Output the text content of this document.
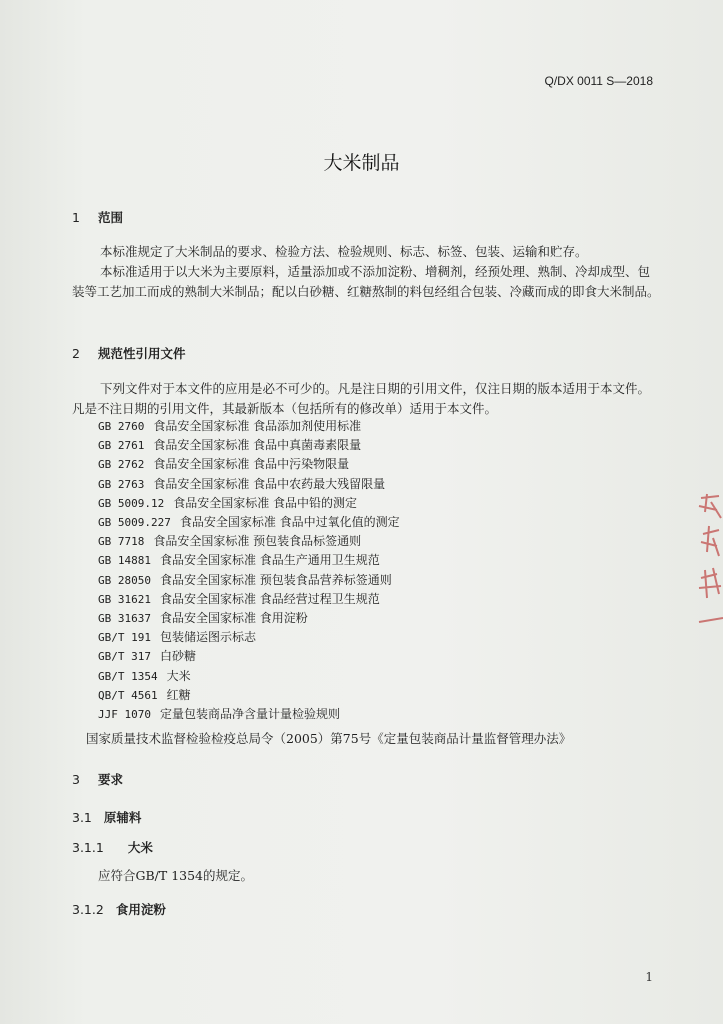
Q/DX 0011 S—2018
大米制品
1 范围
本标准规定了大米制品的要求、检验方法、检验规则、标志、标签、包装、运输和贮存。
本标准适用于以大米为主要原料，适量添加或不添加淀粉、增稠剂，经预处理、熟制、冷却成型、包装等工艺加工而成的熟制大米制品；配以白砂糖、红糖熬制的料包经组合包装、冷藏而成的即食大米制品。
2 规范性引用文件
下列文件对于本文件的应用是必不可少的。凡是注日期的引用文件，仅注日期的版本适用于本文件。凡是不注日期的引用文件，其最新版本（包括所有的修改单）适用于本文件。
GB 2760 食品安全国家标准 食品添加剂使用标准
GB 2761 食品安全国家标准 食品中真菌毒素限量
GB 2762 食品安全国家标准 食品中污染物限量
GB 2763 食品安全国家标准 食品中农药最大残留限量
GB 5009.12 食品安全国家标准 食品中铅的测定
GB 5009.227 食品安全国家标准 食品中过氧化值的测定
GB 7718 食品安全国家标准 预包装食品标签通则
GB 14881 食品安全国家标准 食品生产通用卫生规范
GB 28050 食品安全国家标准 预包装食品营养标签通则
GB 31621 食品安全国家标准 食品经营过程卫生规范
GB 31637 食品安全国家标准 食用淀粉
GB/T 191 包装储运图示标志
GB/T 317 白砂糖
GB/T 1354 大米
QB/T 4561 红糖
JJF 1070 定量包装商品净含量计量检验规则
国家质量技术监督检验检疫总局令（2005）第75号《定量包装商品计量监督管理办法》
3 要求
3.1 原辅料
3.1.1 大米
应符合GB/T 1354的规定。
3.1.2 食用淀粉
1
